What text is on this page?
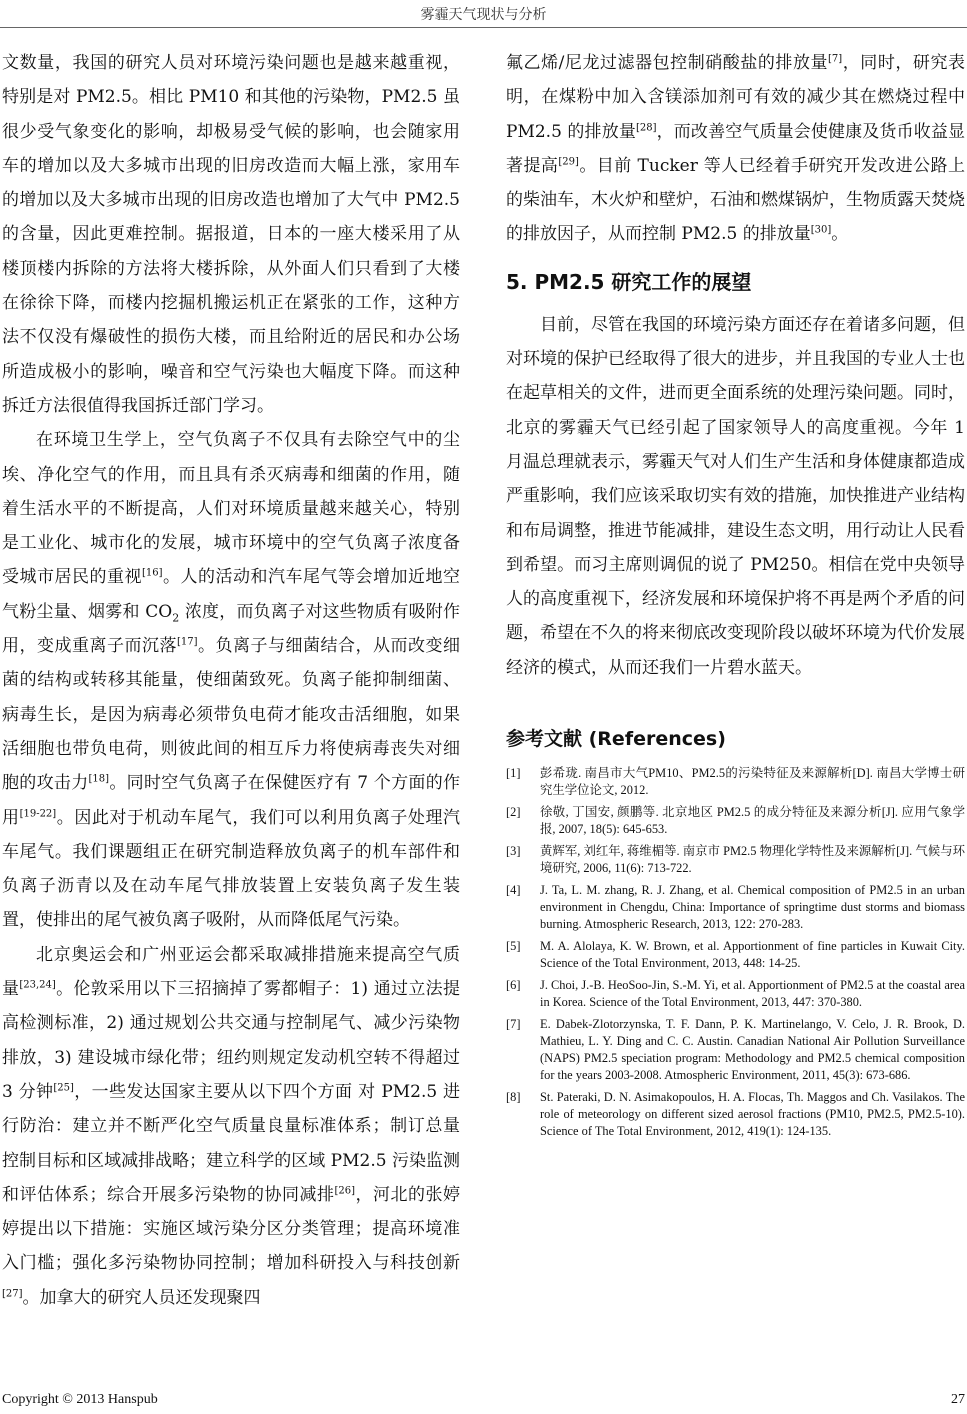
雾霾天气现状与分析

文数量，我国的研究人员对环境污染问题也是越来越重视，特别是对 PM2.5。相比 PM10 和其他的污染物，PM2.5 虽很少受气象变化的影响，却极易受气候的影响，也会随家用车的增加以及大多城市出现的旧房改造而大幅上涨，家用车的增加以及大多城市出现的旧房改造也增加了大气中 PM2.5 的含量，因此更难控制。据报道，日本的一座大楼采用了从楼顶楼内拆除的方法将大楼拆除，从外面人们只看到了大楼在徐徐下降，而楼内挖掘机搬运机正在紧张的工作，这种方法不仅没有爆破性的损伤大楼，而且给附近的居民和办公场所造成极小的影响，噪音和空气污染也大幅度下降。而这种拆迁方法很值得我国拆迁部门学习。

在环境卫生学上，空气负离子不仅具有去除空气中的尘埃、净化空气的作用，而且具有杀灭病毒和细菌的作用，随着生活水平的不断提高，人们对环境质量越来越关心，特别是工业化、城市化的发展，城市环境中的空气负离子浓度备受城市居民的重视[16]。人的活动和汽车尾气等会增加近地空气粉尘量、烟雾和 $CO_2$ 浓度，而负离子对这些物质有吸附作用，变成重离子而沉落[17]。负离子与细菌结合，从而改变细菌的结构或转移其能量，使细菌致死。负离子能抑制细菌、病毒生长，是因为病毒必须带负电荷才能攻击活细胞，如果活细胞也带负电荷，则彼此间的相互斥力将使病毒丧失对细胞的攻击力[18]。同时空气负离子在保健医疗有 7 个方面的作用[19-22]。因此对于机动车尾气，我们可以利用负离子处理汽车尾气。我们课题组正在研究制造释放负离子的机车部件和负离子沥青以及在动车尾气排放装置上安装负离子发生装置，使排出的尾气被负离子吸附，从而降低尾气污染。

北京奥运会和广州亚运会都采取减排措施来提高空气质量[23,24]。伦敦采用以下三招摘掉了雾都帽子：1) 通过立法提高检测标准，2) 通过规划公共交通与控制尾气、减少污染物排放，3) 建设城市绿化带；纽约则规定发动机空转不得超过 3 分钟[25]，一些发达国家主要从以下四个方面 对 PM2.5 进行防治：建立并不断严化空气质量良量标准体系；制订总量控制目标和区域减排战略；建立科学的区域 PM2.5 污染监测和评估体系；综合开展多污染物的协同减排[26]，河北的张婷婷提出以下措施：实施区域污染分区分类管理；提高环境准入门槛；强化多污染物协同控制；增加科研投入与科技创新[27]。加拿大的研究人员还发现聚四

氟乙烯/尼龙过滤器包控制硝酸盐的排放量[7]，同时，研究表明，在煤粉中加入含镁添加剂可有效的减少其在燃烧过程中 PM2.5 的排放量[28]，而改善空气质量会使健康及货币收益显著提高[29]。目前 Tucker 等人已经着手研究开发改进公路上的柴油车，木火炉和壁炉，石油和燃煤锅炉，生物质露天焚烧的排放因子，从而控制 PM2.5 的排放量[30]。

5. PM2.5 研究工作的展望

目前，尽管在我国的环境污染方面还存在着诸多问题，但对环境的保护已经取得了很大的进步，并且我国的专业人士也在起草相关的文件，进而更全面系统的处理污染问题。同时，北京的雾霾天气已经引起了国家领导人的高度重视。今年 1 月温总理就表示，雾霾天气对人们生产生活和身体健康都造成严重影响，我们应该采取切实有效的措施，加快推进产业结构和布局调整，推进节能减排，建设生态文明，用行动让人民看到希望。而习主席则调侃的说了 PM250。相信在党中央领导人的高度重视下，经济发展和环境保护将不再是两个矛盾的问题，希望在不久的将来彻底改变现阶段以破坏环境为代价发展经济的模式，从而还我们一片碧水蓝天。

参考文献 (References)
[1]	彭希珑. 南昌市大气PM10、PM2.5的污染特征及来源解析[D]. 南昌大学博士研究生学位论文, 2012.
[2]	徐敬, 丁国安, 颜鹏等. 北京地区 PM2.5 的成分特征及来源分析[J]. 应用气象学报, 2007, 18(5): 645-653.
[3]	黄辉军, 刘红年, 蒋维楣等. 南京市 PM2.5 物理化学特性及来源解析[J]. 气候与环境研究, 2006, 11(6): 713-722.
[4]	J. Ta, L. M. zhang, R. J. Zhang, et al. Chemical composition of PM2.5 in an urban environment in Chengdu, China: Importance of springtime dust storms and biomass burning. Atmospheric Research, 2013, 122: 270-283.
[5]	M. A. Alolaya, K. W. Brown, et al. Apportionment of fine particles in Kuwait City. Science of the Total Environment, 2013, 448: 14-25.
[6]	J. Choi, J.-B. HeoSoo-Jin, S.-M. Yi, et al. Apportionment of PM2.5 at the coastal area in Korea. Science of the Total Environment, 2013, 447: 370-380.
[7]	E. Dabek-Zlotorzynska, T. F. Dann, P. K. Martinelango, V. Celo, J. R. Brook, D. Mathieu, L. Y. Ding and C. C. Austin. Canadian National Air Pollution Surveillance (NAPS) PM2.5 speciation program: Methodology and PM2.5 chemical composition for the years 2003-2008. Atmospheric Environment, 2011, 45(3): 673-686.
[8]	St. Pateraki, D. N. Asimakopoulos, H. A. Flocas, Th. Maggos and Ch. Vasilakos. The role of meteorology on different sized aerosol fractions (PM10, PM2.5, PM2.5-10). Science of The Total Environment, 2012, 419(1): 124-135.
Copyright © 2013 Hanspub	27
